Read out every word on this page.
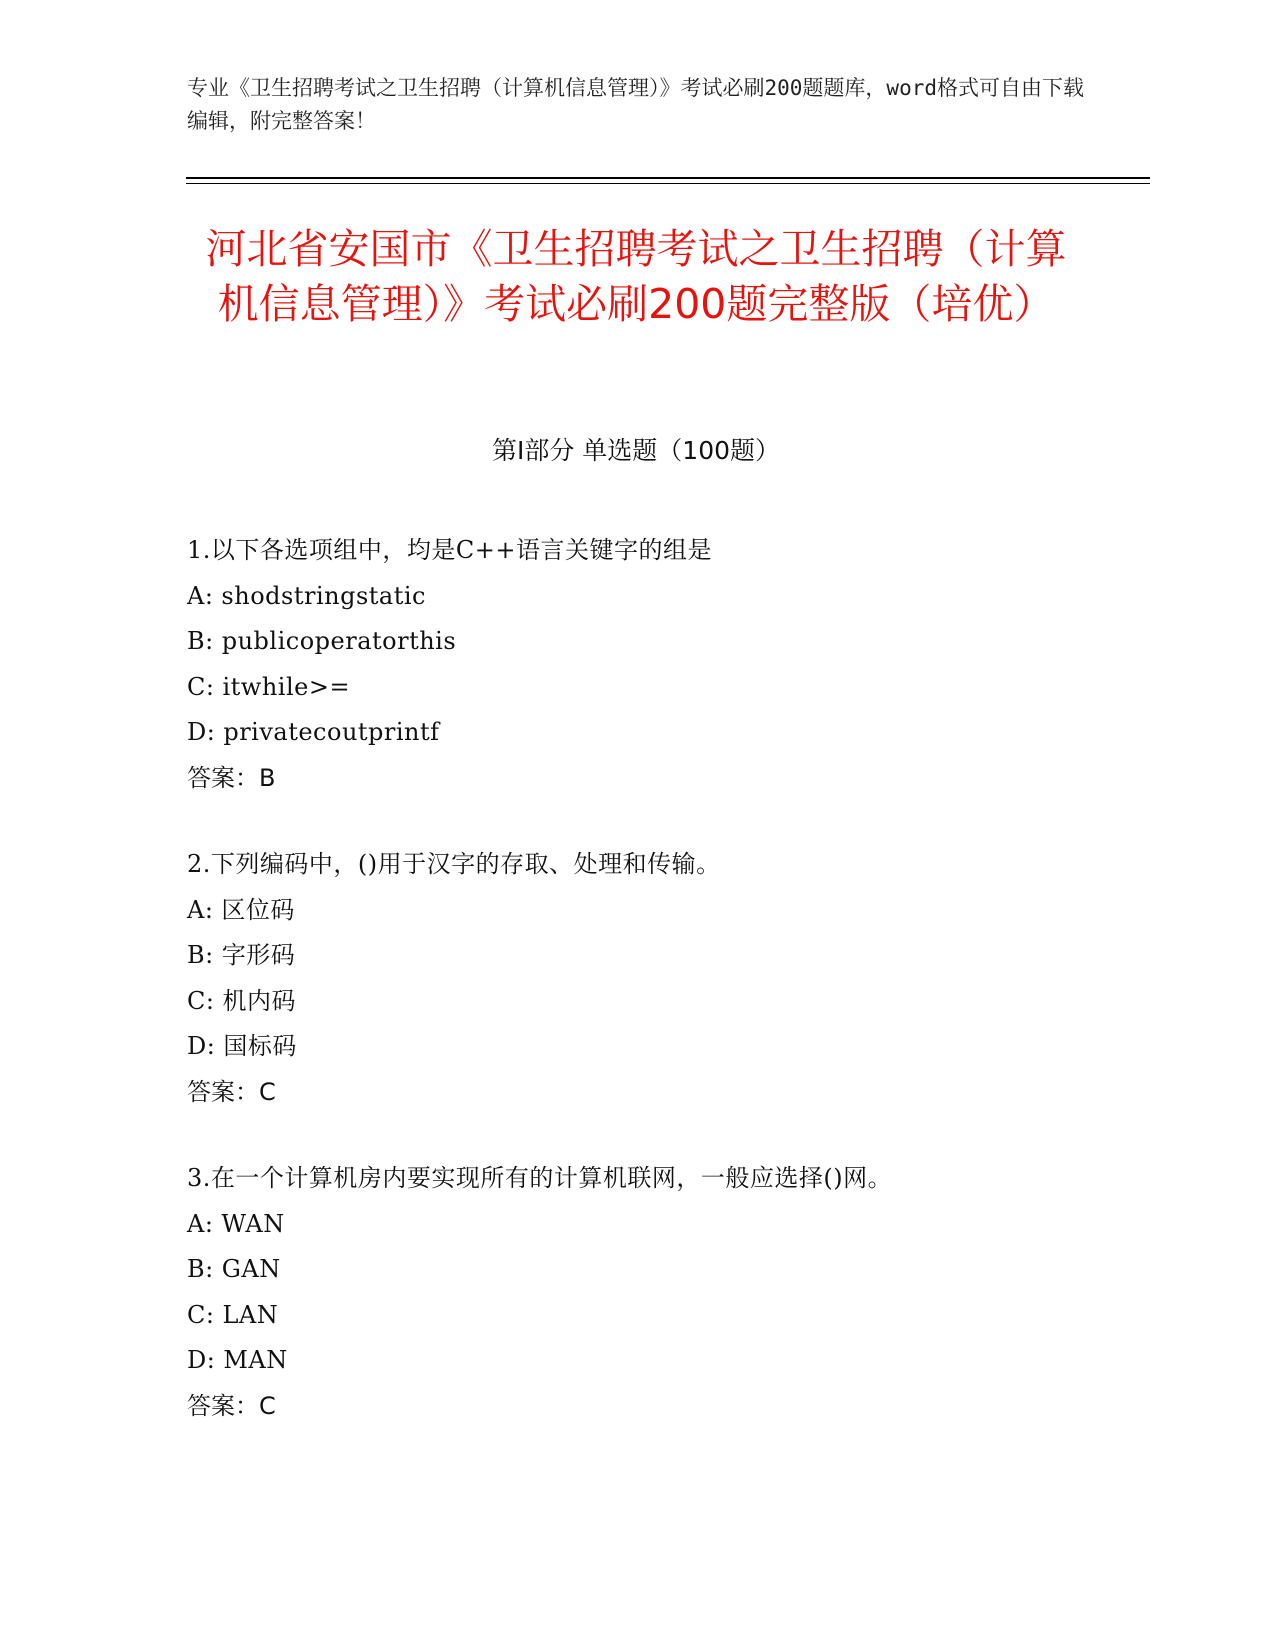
专业《卫生招聘考试之卫生招聘（计算机信息管理）》考试必刷200题题库，word格式可自由下载编辑，附完整答案！
河北省安国市《卫生招聘考试之卫生招聘（计算机信息管理）》考试必刷200题完整版（培优）
第I部分 单选题（100题）
1.以下各选项组中，均是C++语言关键字的组是
A: shodstringstatic
B: publicoperatorthis
C: itwhile>=
D: privatecoutprintf
答案：B
2.下列编码中，()用于汉字的存取、处理和传输。
A: 区位码
B: 字形码
C: 机内码
D: 国标码
答案：C
3.在一个计算机房内要实现所有的计算机联网，一般应选择()网。
A: WAN
B: GAN
C: LAN
D: MAN
答案：C
